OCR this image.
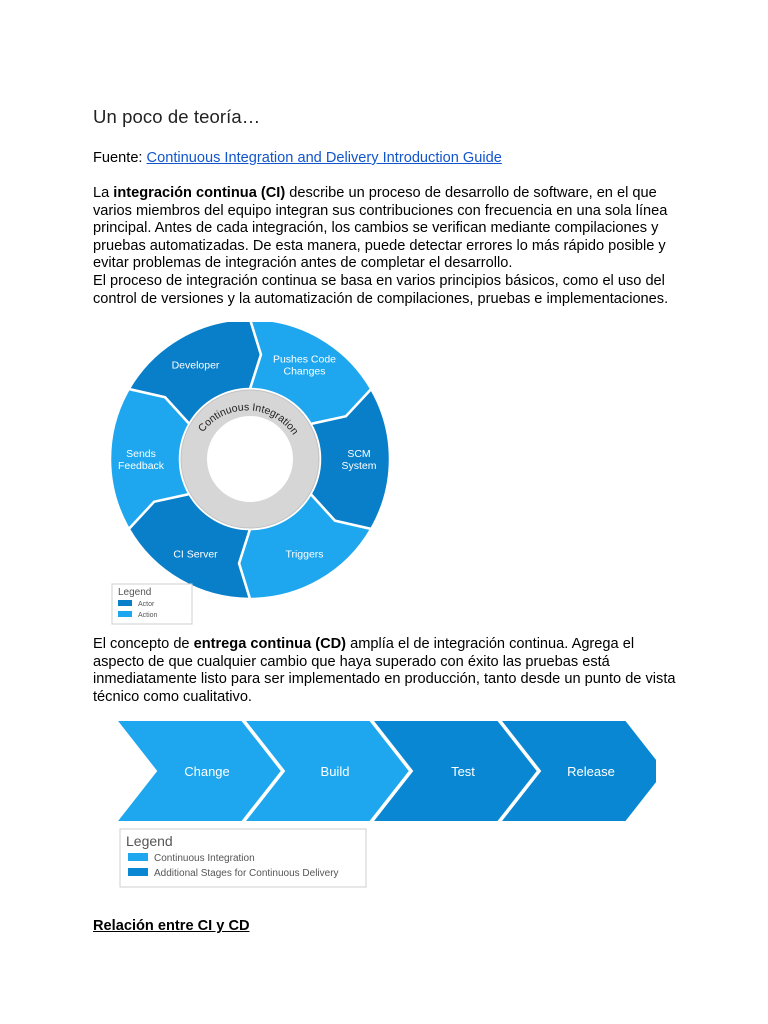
Un poco de teoría…
Fuente: Continuous Integration and Delivery Introduction Guide
La integración continua (CI) describe un proceso de desarrollo de software, en el que varios miembros del equipo integran sus contribuciones con frecuencia en una sola línea principal. Antes de cada integración, los cambios se verifican mediante compilaciones y pruebas automatizadas. De esta manera, puede detectar errores lo más rápido posible y evitar problemas de integración antes de completar el desarrollo.
El proceso de integración continua se basa en varios principios básicos, como el uso del control de versiones y la automatización de compilaciones, pruebas e implementaciones.
El concepto de entrega continua (CD) amplía el de integración continua. Agrega el aspecto de que cualquier cambio que haya superado con éxito las pruebas está inmediatamente listo para ser implementado en producción, tanto desde un punto de vista técnico como cualitativo.
Relación entre CI y CD
Continuous Integration
Developer	Pushes Code Changes
SCM System
Triggers
CI Server
Sends Feedback
Legend
Actor
Action
Change	Build	Test	Release
Legend
Continuous Integration
Additional Stages for Continuous Delivery
